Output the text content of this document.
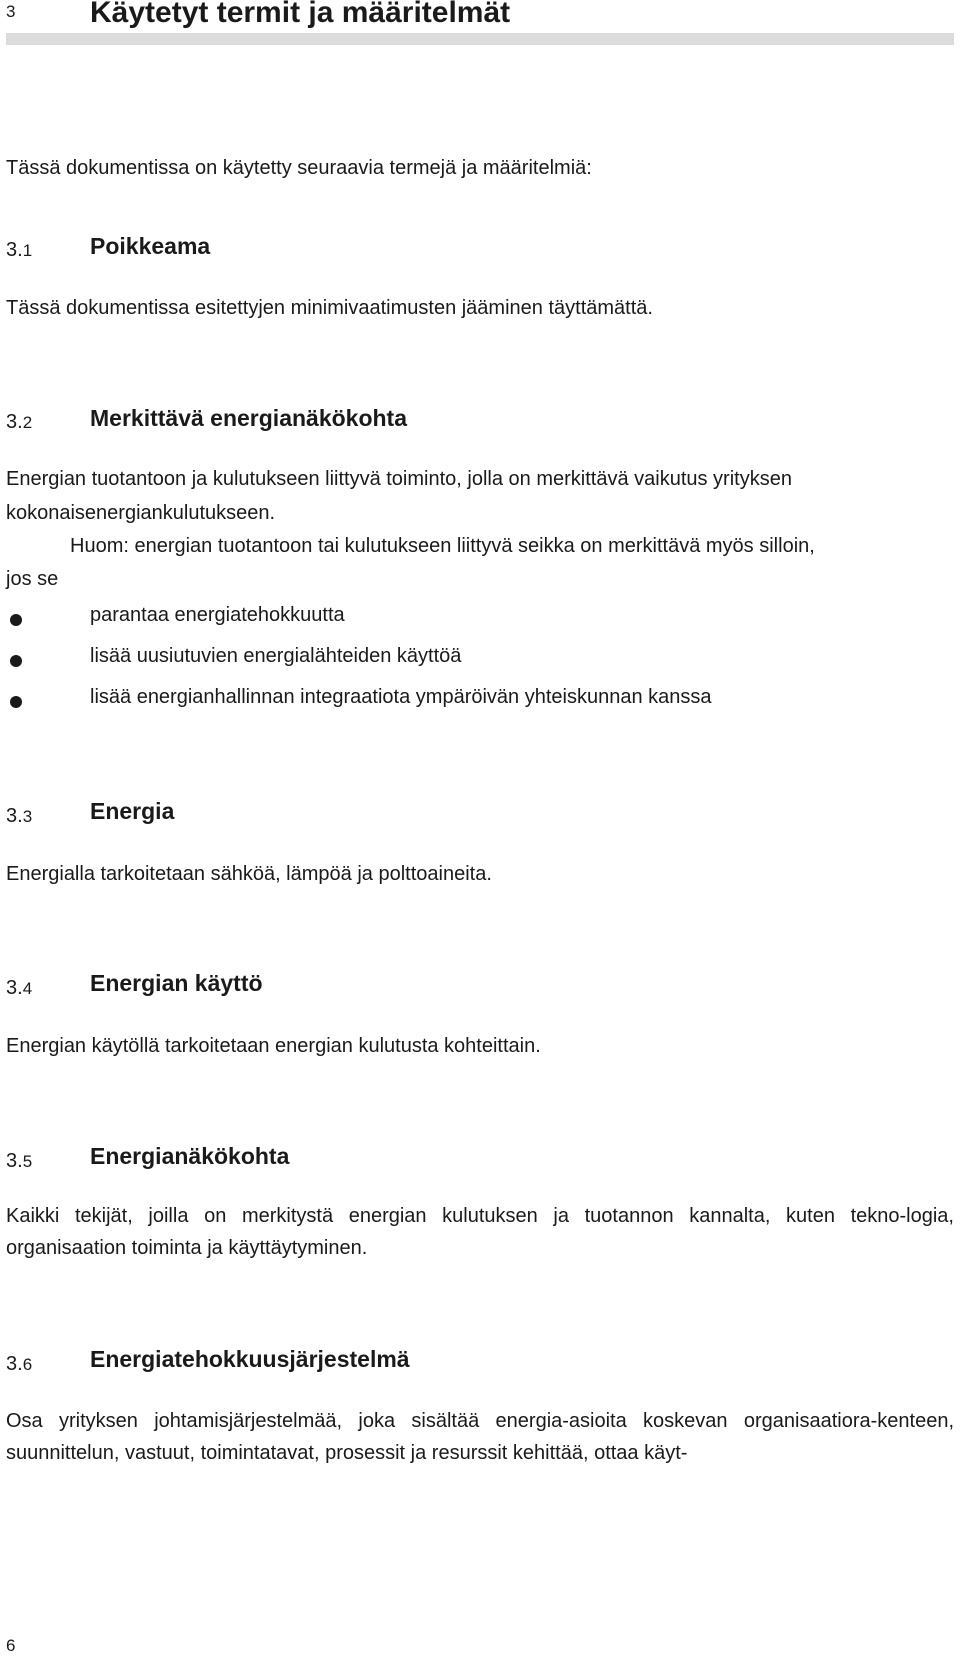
3 Käytetyt termit ja määritelmät
Tässä dokumentissa on käytetty seuraavia termejä ja määritelmiä:
3.1	Poikkeama
Tässä dokumentissa esitettyjen minimivaatimusten jääminen täyttämättä.
3.2	Merkittävä energianäkökohta
Energian tuotantoon ja kulutukseen liittyvä toiminto, jolla on merkittävä vaikutus yrityksen
kokonaisenergiankulutukseen.
Huom: energian tuotantoon tai kulutukseen liittyvä seikka on merkittävä myös silloin,
jos se
parantaa energiatehokkuutta
lisää uusiutuvien energialähteiden käyttöä
lisää energianhallinnan integraatiota ympäröivän yhteiskunnan kanssa
3.3	Energia
Energialla tarkoitetaan sähköä, lämpöä ja polttoaineita.
3.4	Energian käyttö
Energian käytöllä tarkoitetaan energian kulutusta kohteittain.
3.5	Energianäkökohta
Kaikki tekijät, joilla on merkitystä energian kulutuksen ja tuotannon kannalta, kuten tekno-logia, organisaation toiminta ja käyttäytyminen.
3.6	Energiatehokkuusjärjestelmä
Osa yrityksen johtamisjärjestelmää, joka sisältää energia-asioita koskevan organisaatiora-kenteen, suunnittelun, vastuut, toimintatavat, prosessit ja resurssit kehittää, ottaa käyt-
6
